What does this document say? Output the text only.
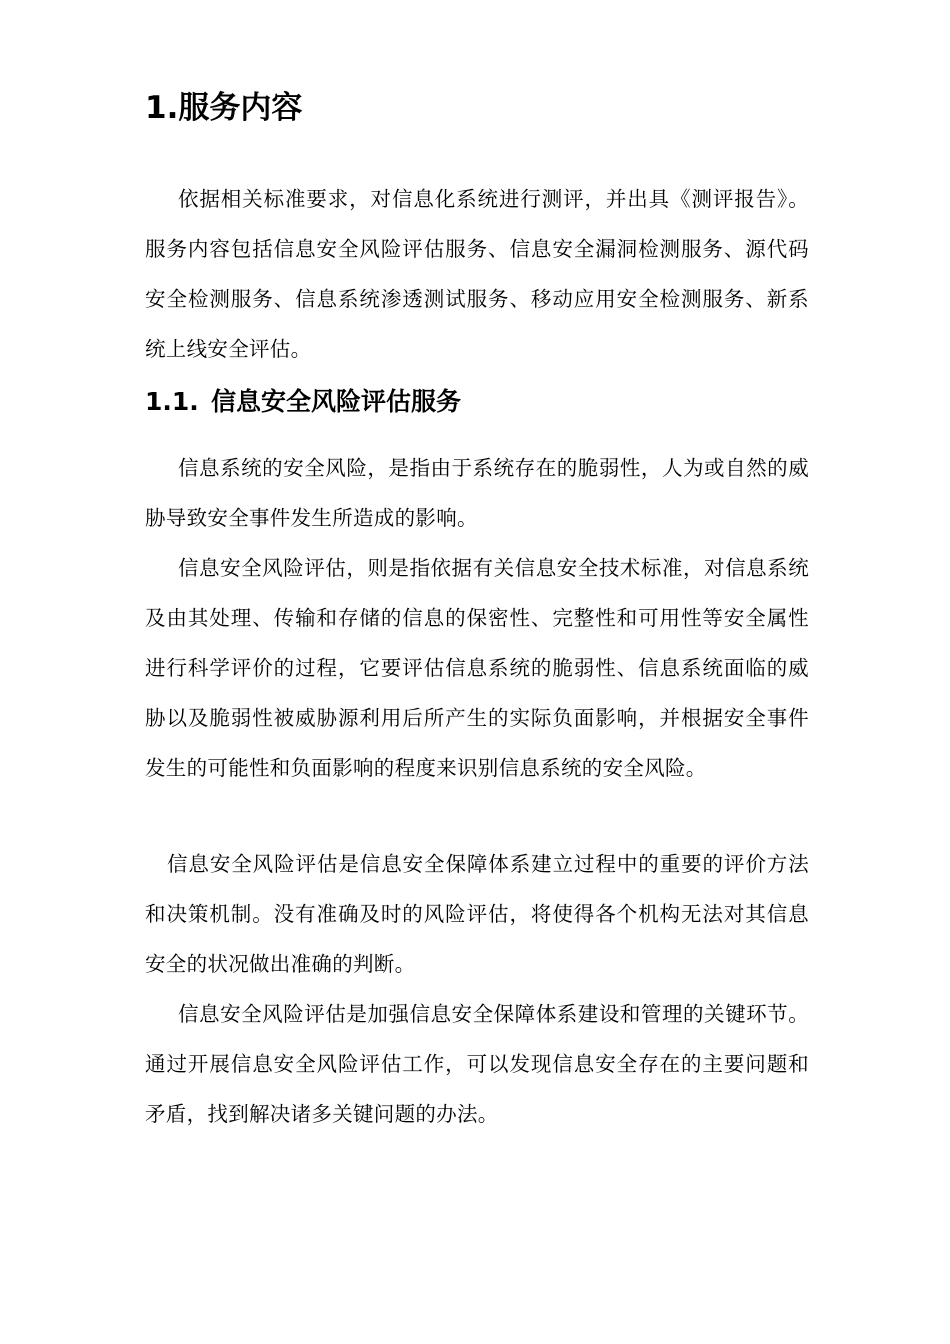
1.服务内容

依据相关标准要求，对信息化系统进行测评，并出具《测评报告》。服务内容包括信息安全风险评估服务、信息安全漏洞检测服务、源代码安全检测服务、信息系统渗透测试服务、移动应用安全检测服务、新系统上线安全评估。

1.1. 信息安全风险评估服务

信息系统的安全风险，是指由于系统存在的脆弱性，人为或自然的威胁导致安全事件发生所造成的影响。

信息安全风险评估，则是指依据有关信息安全技术标准，对信息系统及由其处理、传输和存储的信息的保密性、完整性和可用性等安全属性进行科学评价的过程，它要评估信息系统的脆弱性、信息系统面临的威胁以及脆弱性被威胁源利用后所产生的实际负面影响，并根据安全事件发生的可能性和负面影响的程度来识别信息系统的安全风险。

信息安全风险评估是信息安全保障体系建立过程中的重要的评价方法和决策机制。没有准确及时的风险评估，将使得各个机构无法对其信息安全的状况做出准确的判断。

信息安全风险评估是加强信息安全保障体系建设和管理的关键环节。通过开展信息安全风险评估工作，可以发现信息安全存在的主要问题和矛盾，找到解决诸多关键问题的办法。
